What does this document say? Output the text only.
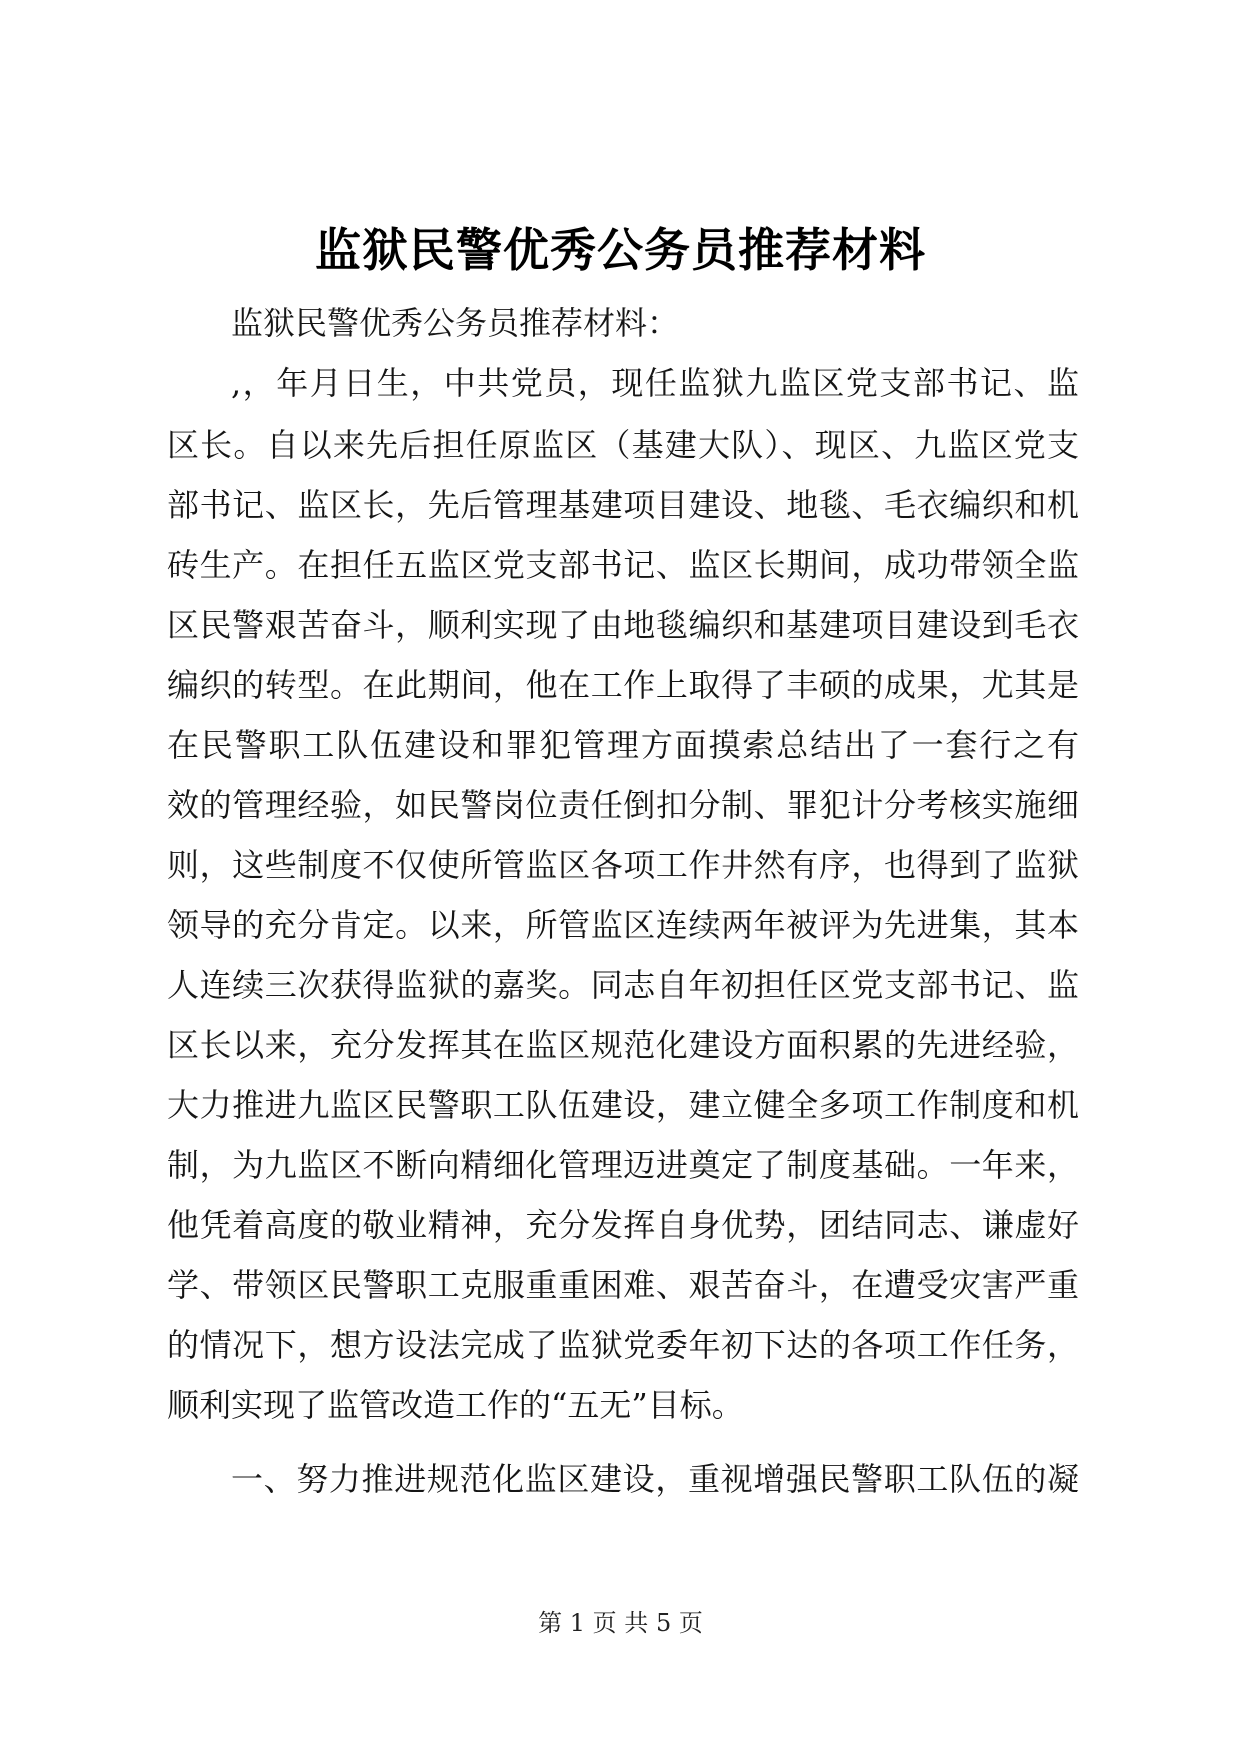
监狱民警优秀公务员推荐材料
监狱民警优秀公务员推荐材料：
,，年月日生，中共党员，现任监狱九监区党支部书记、监
区长。自以来先后担任原监区（基建大队）、现区、九监区党支
部书记、监区长，先后管理基建项目建设、地毯、毛衣编织和机
砖生产。在担任五监区党支部书记、监区长期间，成功带领全监
区民警艰苦奋斗，顺利实现了由地毯编织和基建项目建设到毛衣
编织的转型。在此期间，他在工作上取得了丰硕的成果，尤其是
在民警职工队伍建设和罪犯管理方面摸索总结出了一套行之有
效的管理经验，如民警岗位责任倒扣分制、罪犯计分考核实施细
则，这些制度不仅使所管监区各项工作井然有序，也得到了监狱
领导的充分肯定。以来，所管监区连续两年被评为先进集，其本
人连续三次获得监狱的嘉奖。同志自年初担任区党支部书记、监
区长以来，充分发挥其在监区规范化建设方面积累的先进经验，
大力推进九监区民警职工队伍建设，建立健全多项工作制度和机
制，为九监区不断向精细化管理迈进奠定了制度基础。一年来，
他凭着高度的敬业精神，充分发挥自身优势，团结同志、谦虚好
学、带领区民警职工克服重重困难、艰苦奋斗，在遭受灾害严重
的情况下，想方设法完成了监狱党委年初下达的各项工作任务，
顺利实现了监管改造工作的“五无”目标。
一、努力推进规范化监区建设，重视增强民警职工队伍的凝
第 1 页 共 5 页
